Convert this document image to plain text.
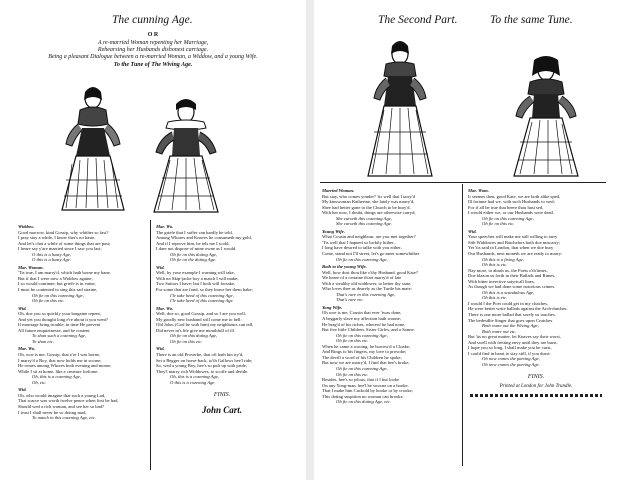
The cunning Age.
O R
A re-married Woman repenting her Marriage,
Rehearsing her Husbands dishonest carriage.
Being a pleasant Dialogue between a re-married Woman, a Widdow, and a young Wife.
To the Tune of The Wiving Age.
Widdow.
Good morrow, kind Gossip, why whither so fast?
I pray stay a while, I know ther's no haste,
And let's chat a while of some things that are past;
I heare say y'are married since I saw you last;
O this is a hasty Age,
O this is a hasty Age.
Mar. Woman.
'Tis true, I am marry'd, which hath borne my bane,
But if that I were now a Widdow againe,
I so would continue; but griefe is in vaine,
I must be contented to sing this sad straine,
Oh fie on this cozening Age,
Oh fie on this etc.
Wid.
Oh, doe you so quickly your bargaine repent,
And yet you thought long e're about it you went?
If marriage bring trouble, in time He prevent
All future enquietnesse, and be content
To shun such a cozening Age,
To shun etc.
Mar. Wo.
Oh, woe is me, Gossip, that e're I was borne,
I marry'd a Boy, that now holds me in scorne,
He romes among Whores both evening and morne,
While I sit at home, like a creature forlorne.
Oh, this is a cozening Age,
Oh, etc.
Wid.
Oh, who would imagine that such a young Lad,
That scarce was worth twelve pence when first he had,
Should wed a rich woman, and see her so bad?
I trust I shall never be so doting mad,
To match in this cozening Age, etc.
Mar. Wo.
The griefe that I suffer can hardly be told,
Among Whores and Knaves he consumeth my gold,
And if I reprove him, he tels me I scold,
I dare not dispose of mine owne as I would.
Oh fie on this doting Age,
Oh fie on the doting Age.
Wid.
Well, by your example I warning will take,
With no Skip-jacke boy a match I will make;
Two Suitors I have; but I both will forsake,
For some that are fond, so they brave her them bake;
I'le take heed of this cozening Age,
I'le take heed of this cozening Age.
Mar. Wo.
Well, doe so, good Gossip, and so I are you well,
My goodly new husband will come me to hell:
Old John, (God be with him) my neighbours can tell,
Did never in's life give me mouthfull of ill.
Oh fie on this doting Age,
Oh fie on this etc.
Wid.
There is an old Proverbe, that oft hath bin try'd,
Set a Begger on horse-back, to'th Gallows hee'l ride;
So, wed a young Boy, hee's so puft up with pride,
They'l marry rich Widdowes, to scoffe and deride.
Oh, this is a cozening Age,
O this is a cozening Age.
FINIS.
John Cart.
The Second Part.	To the same Tune.
Married Woman.
But stay, who comes yonder? 'tis well that I tarry'd
My kinswoman Katherine, she lately was marry'd,
Shee had better gone to the Church to be bury'd,
With her now, I doubt, things are otherwise carryd,
She curseth this cozening Age,
She curseth this cozening Age.
Young Wife.
What Cousin and neighbour, are you met together?
'Tis well that I hapned so luckily hither,
I long have desired to talke with you either,
Come, stand not I'll street, let's go meet somewhither
Oh fie on this cozening Age,
Both to the young Wife.
Well, how dost thou like o'thy Husband, good Kate?
We heare of a certaine th'art marry'd of late
With a wealthy old widdower, to better thy state,
Who loves thee as dearely as the Turtle his mate:
That's rare in this cozening Age,
That's rare etc.
Yong Wife.
Oh woe is me, Cousin that ever 'twas done,
A beggarly slave my affection hath wonne;
He brag'd of his riches, whereof he had none,
But five little Children, Sister Girles, and a Sonne.
Oh fie on this cozening Age,
Oh fie on this etc.
When he came a wooing, he borrow'd a Cloake,
And Rings to his fingers, my love to provoke;
The devill a word of his Children he spoke,
But now we are marry'd, I find that hee's broke,
Oh fie on this cozening Age,
Oh fie on this etc.
Besides, hee's so jelous, that if I but looke
On any Yong-man, hee'l be sworne on a booke,
That I make him Cuckold by hooke or by crooke;
This doting suspition no woman can brooke.
Oh fie on this doting Age, etc.
Mar. Wom.
It seemes then, good Kate, we are both alike sped,
Ill fortune had we, with such Husbands to wed;
For if all be true that heere thou hast sed,
I would either we, or our Husbands were dead.
Oh fie on this cozening Age,
Oh fie on this etc.
Wid.
Your speeches will make me still willing to tarry
Sith Widdowes and Batchelors both doe miscarry;
Yet 'tis said in London, that when we doe bury
Our Husbands, next moneth we are ready to marry:
Oh this is a fixing Age,
Oh this is etc.
Nay more, to abash us, the Poets o'th'times,
Doe blazon us forth in their Ballads and Rimes,
With bitter invective satyricall lines,
As though we had done some notorious crimes.
Oh this is a scandalous Age,
Oh this is etc.
I would I the Poet could get in my clutches,
He were better write ballads against the Arch-dutches:
There is one more ballad that sorely us touches,
The bedesdlie Singer that goes upon Crutches.
Both roare out the Wiving Age,
Both roare out etc.
But 'tis no great matter, let Knaves say their worst,
And swell with fretting envy until they are burst,
I hope you so long, I shall make you be curst,
I could find in heart to stay still, if you durst:
Oh now comes the parting Age,
Oh now comes the parting Age.
FINIS.
Printed at London for John Trundle.
